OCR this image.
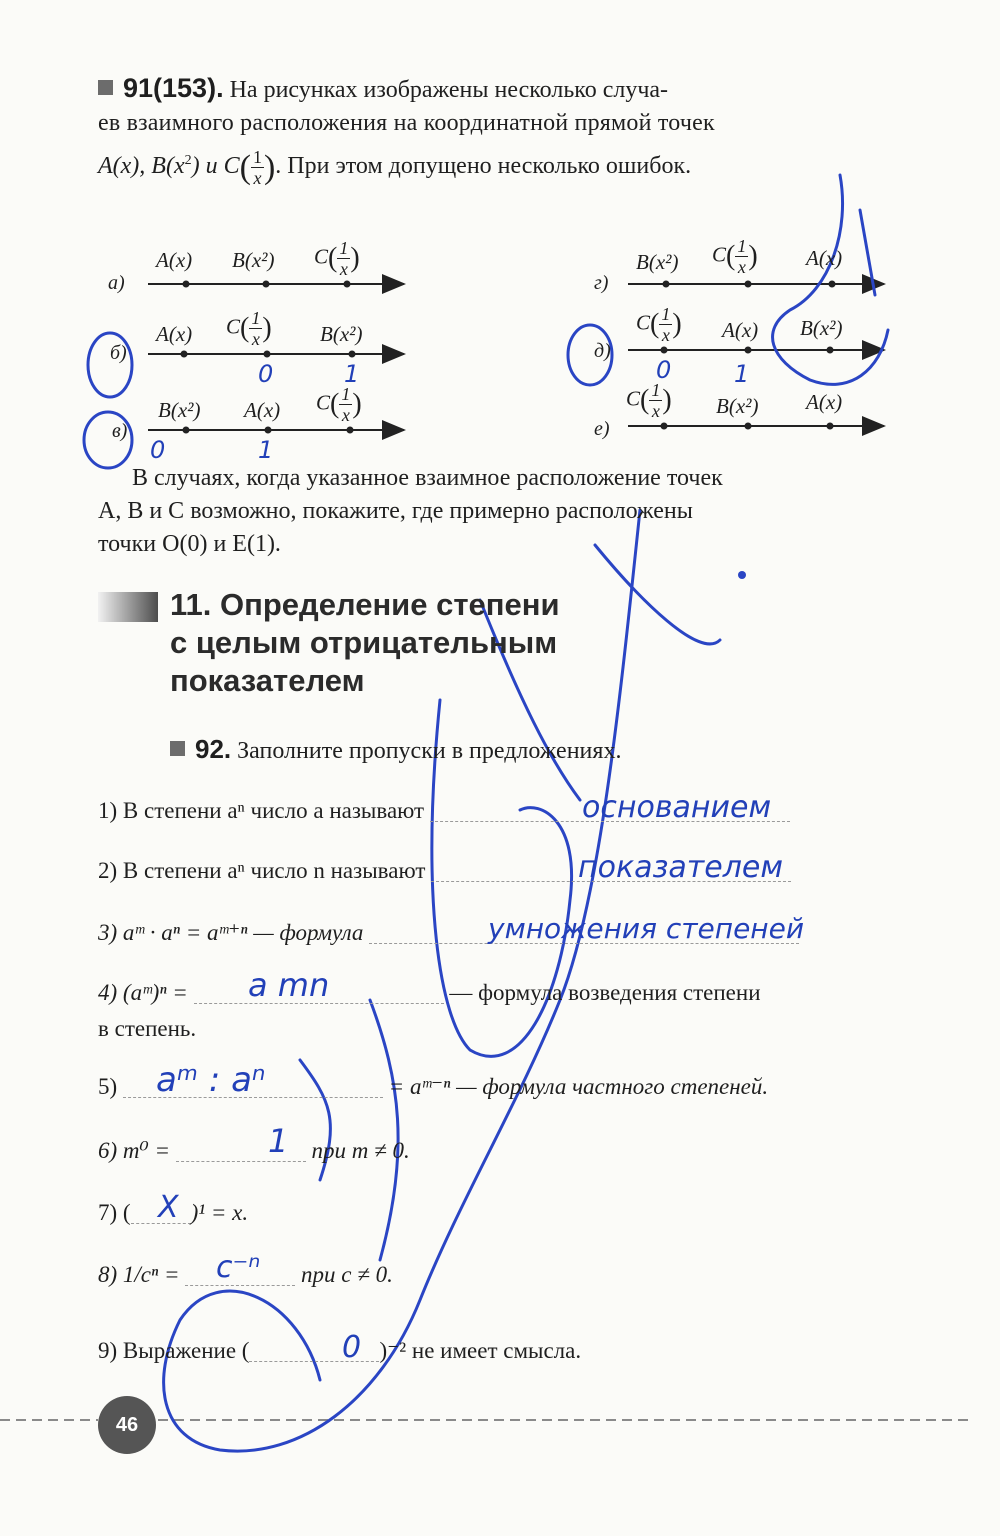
91(153). На рисунках изображены несколько случа-
ев взаимного расположения на координатной прямой точек
A(x), $B(x^2)$ и $C( \frac{1}{x}$ ). При этом допущено несколько ошибок.
а)
A(x) B(x²) $C( \frac{1}{x}$ )
б)
A(x) $C( \frac{1}{x}$ ) B(x²)
в)
B(x²) A(x) $C( \frac{1}{x}$ )
г)
B(x²) $C( \frac{1}{x}$ ) A(x)
д)
$C( \frac{1}{x}$ ) A(x) B(x²)
е)
$C( \frac{1}{x}$ ) B(x²) A(x)
0	1
0	1
0	1
В случаях, когда указанное взаимное расположение точек
A, B и C возможно, покажите, где примерно расположены
точки O(0) и E(1).
11. Определение степени
с целым отрицательным
показателем
92. Заполните пропуски в предложениях.
1) В степени aⁿ число a называют	основанием
2) В степени aⁿ число n называют	показателем
3) aᵐ · aⁿ = aᵐ⁺ⁿ — формула	умножения степеней
4) (aᵐ)ⁿ =	— формула возведения степени
в степень.
a mn
5)	= aᵐ⁻ⁿ — формула частного степеней.
aᵐ : aⁿ
6) m⁰ =	при m ≠ 0.
1
7) (	)¹ = x.
X
8) 1/cⁿ =	при c ≠ 0.
c⁻ⁿ
9) Выражение (	)⁻² не имеет смысла.
0
46
